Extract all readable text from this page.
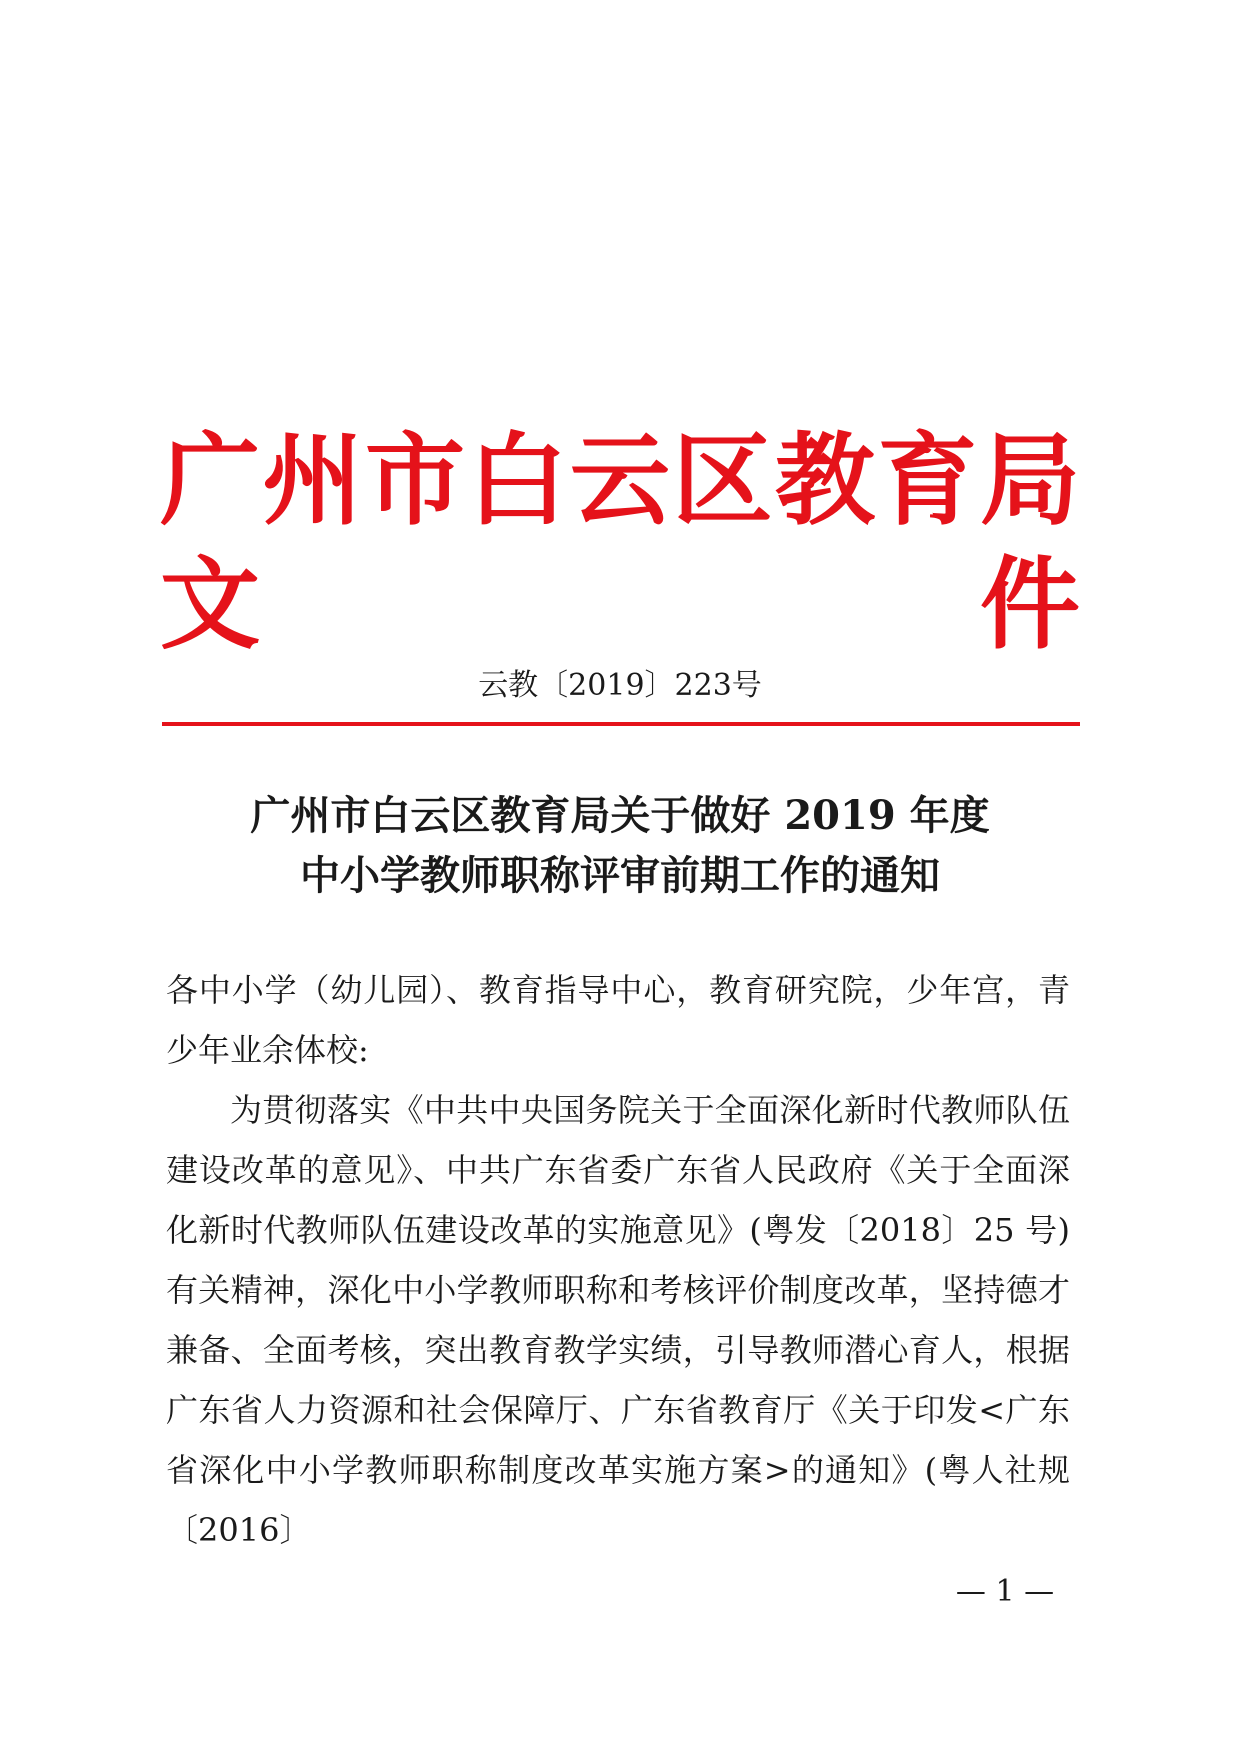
广州市白云区教育局文件
云教〔2019〕223号
广州市白云区教育局关于做好 2019 年度
中小学教师职称评审前期工作的通知

各中小学（幼儿园）、教育指导中心，教育研究院，少年宫，青少年业余体校:

为贯彻落实《中共中央国务院关于全面深化新时代教师队伍建设改革的意见》、中共广东省委广东省人民政府《关于全面深化新时代教师队伍建设改革的实施意见》(粤发〔2018〕25 号)有关精神，深化中小学教师职称和考核评价制度改革，坚持德才兼备、全面考核，突出教育教学实绩，引导教师潜心育人，根据广东省人力资源和社会保障厅、广东省教育厅《关于印发<广东省深化中小学教师职称制度改革实施方案>的通知》(粤人社规〔2016〕

— 1 —
